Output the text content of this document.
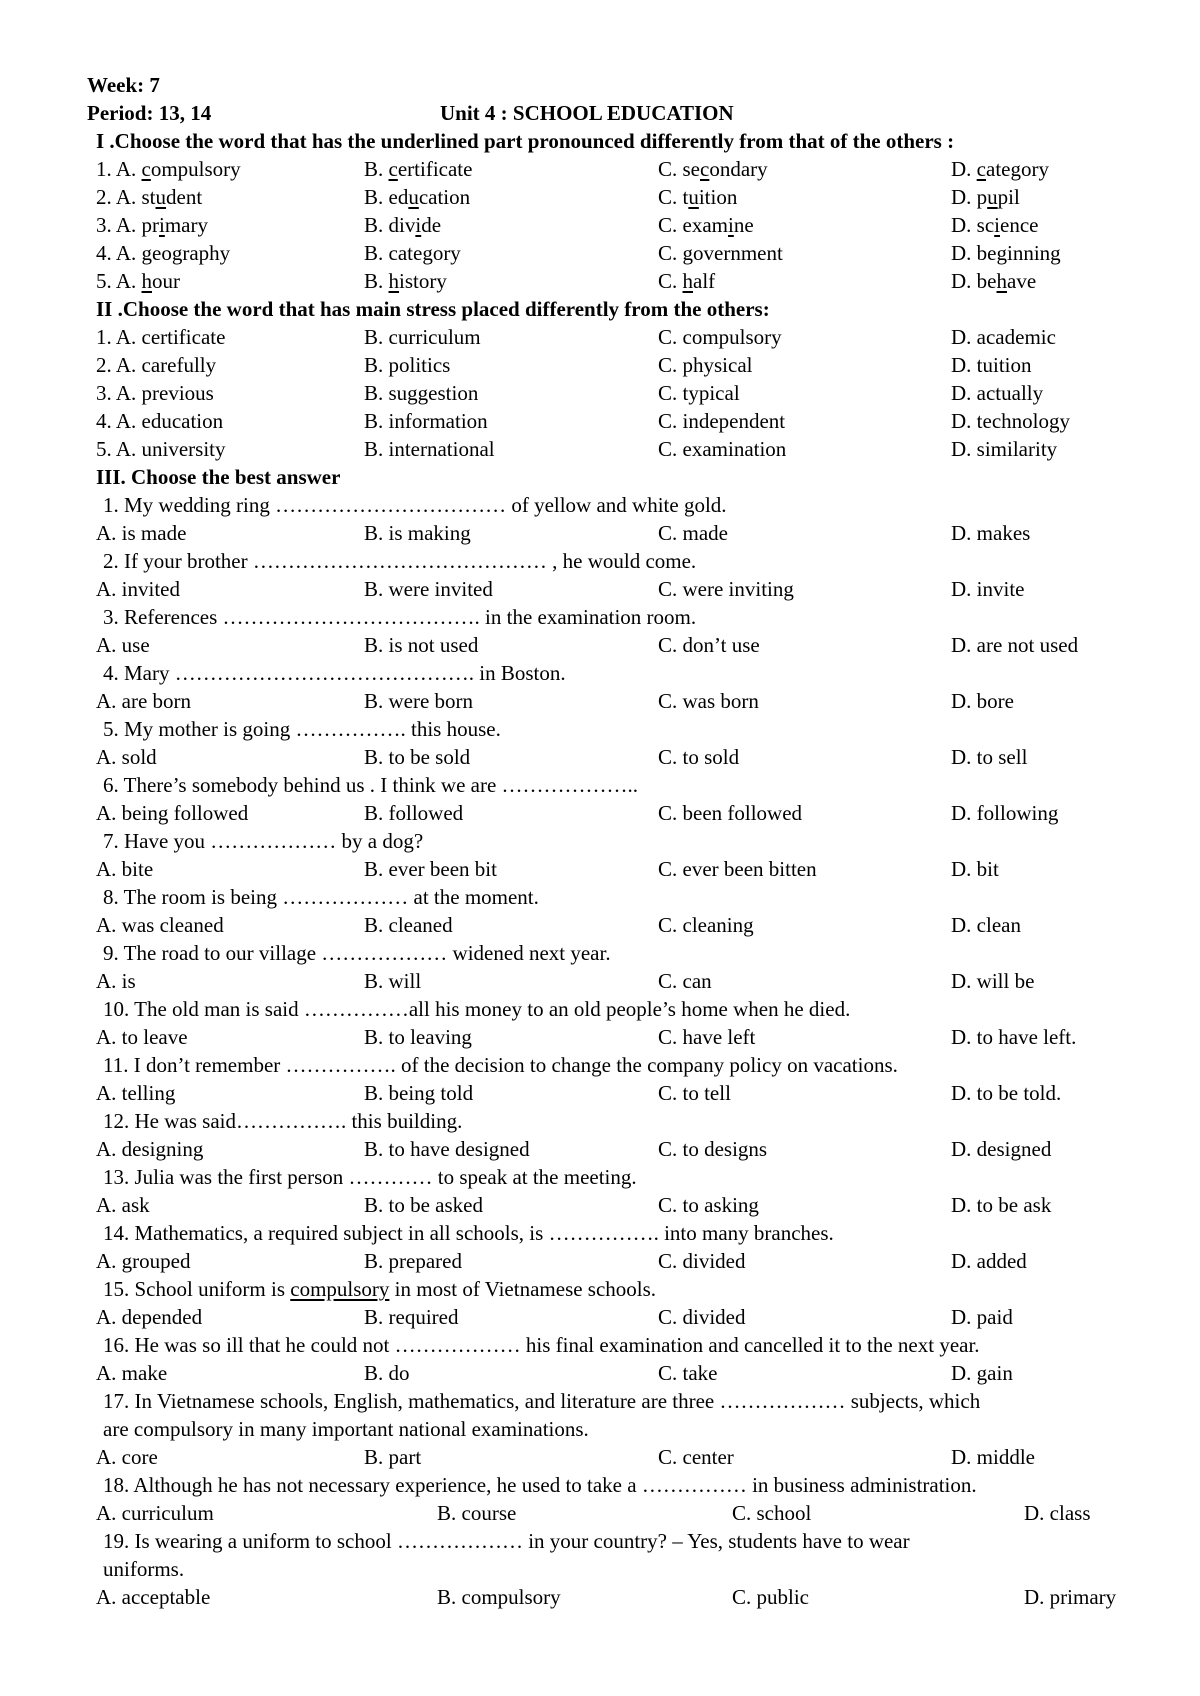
Week: 7
Period: 13, 14	Unit 4 : SCHOOL EDUCATION
I .Choose the word that has the underlined part pronounced differently from that of the others :
1. A. compulsory	B. certificate	C. secondary	D. category
2. A. student	B. education	C. tuition	D. pupil
3. A. primary	B. divide	C. examine	D. science
4. A. geography	B. category	C. government	D. beginning
5. A. hour	B. history	C. half	D. behave
II .Choose the word that has main stress placed differently from the others:
1. A. certificate	B. curriculum	C. compulsory	D. academic
2. A. carefully	B. politics	C. physical	D. tuition
3. A. previous	B. suggestion	C. typical	D. actually
4. A. education	B. information	C. independent	D. technology
5. A. university	B. international	C. examination	D. similarity
III. Choose the best answer
1. My wedding ring …………………………… of yellow and white gold.
A. is made	B. is making	C. made	D. makes
2. If your brother …………………………………… , he would come.
A. invited	B. were invited	C. were inviting	D. invite
3. References ………………………………. in the examination room.
A. use	B. is not used	C. don’t use	D. are not used
4. Mary ……………………………………. in Boston.
A. are born	B. were born	C. was born	D. bore
5. My mother is going ……………. this house.
A. sold	B. to be sold	C. to sold	D. to sell
6. There’s somebody behind us . I think we are ………………..
A. being followed	B. followed	C. been followed	D. following
7. Have you ……………… by a dog?
A. bite	B. ever been bit	C. ever been bitten	D. bit
8. The room is being ……………… at the moment.
A. was cleaned	B. cleaned	C. cleaning	D. clean
9. The road to our village ……………… widened next year.
A. is	B. will	C. can	D. will be
10. The old man is said ……………all his money to an old people’s home when he died.
A. to leave	B. to leaving	C. have left	D. to have left.
11. I don’t remember ……………. of the decision to change the company policy on vacations.
A. telling	B. being told	C. to tell	D. to be told.
12. He was said……………. this building.
A. designing	B. to have designed	C. to designs	D. designed
13. Julia was the first person ………… to speak at the meeting.
A. ask	B. to be asked	C. to asking	D. to be ask
14. Mathematics, a required subject in all schools, is ……………. into many branches.
A. grouped	B. prepared	C. divided	D. added
15. School uniform is compulsory in most of Vietnamese schools.
A. depended	B. required	C. divided	D. paid
16. He was so ill that he could not ……………… his final examination and cancelled it to the next year.
A. make	B. do	C. take	D. gain
17. In Vietnamese schools, English, mathematics, and literature are three ……………… subjects, which
are compulsory in many important national examinations.
A. core	B. part	C. center	D. middle
18. Although he has not necessary experience, he used to take a …………… in business administration.
A. curriculum	B. course	C. school	D. class
19. Is wearing a uniform to school ……………… in your country? – Yes, students have to wear
uniforms.
A. acceptable	B. compulsory	C. public	D. primary
